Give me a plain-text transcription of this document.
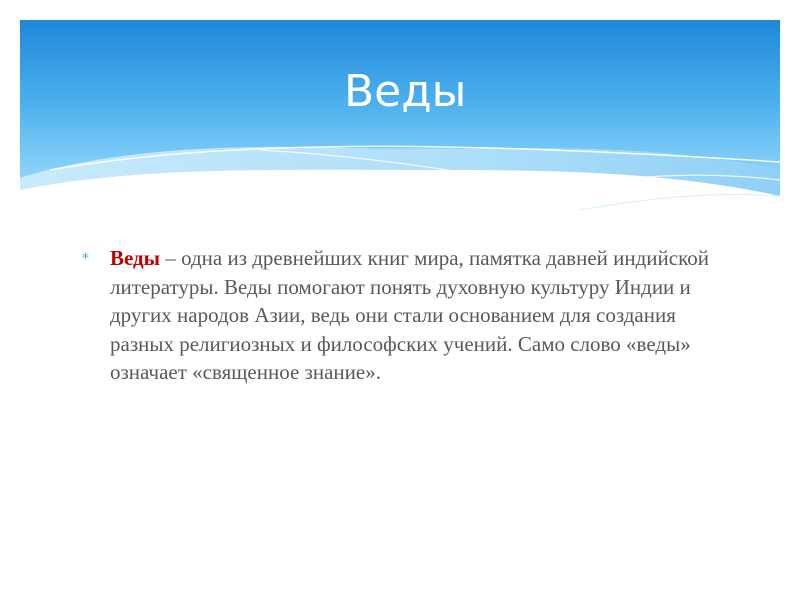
Веды
* Веды – одна из древнейших книг мира, памятка давней индийской литературы. Веды помогают понять духовную культуру Индии и других народов Азии, ведь они стали основанием для создания разных религиозных и философских учений. Само слово «веды» означает «священное знание».
